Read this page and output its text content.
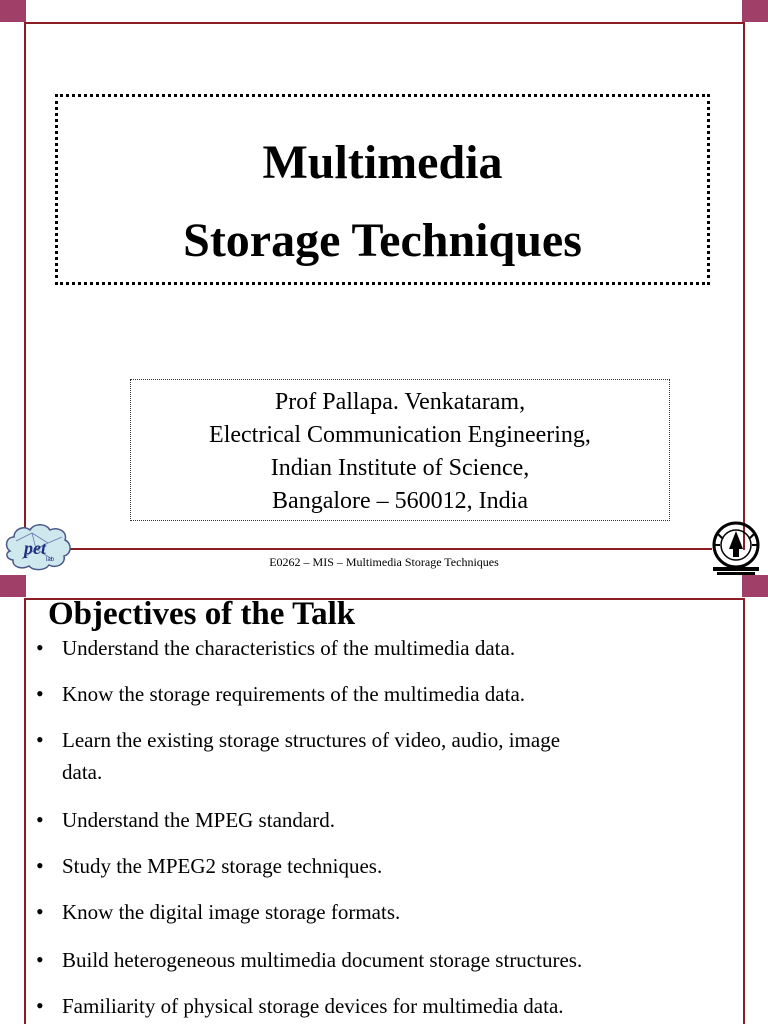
Multimedia
Storage Techniques
Prof Pallapa. Venkataram,
Electrical Communication Engineering,
Indian Institute of Science,
Bangalore – 560012, India
pet
lab	E0262 – MIS – Multimedia Storage Techniques
Objectives of the Talk
• Understand the characteristics of the multimedia data.
• Know the storage requirements of the multimedia data.
• Learn the existing storage structures of video, audio, image
data.
• Understand the MPEG standard.
• Study the MPEG2 storage techniques.
• Know the digital image storage formats.
• Build heterogeneous multimedia document storage structures.
• Familiarity of physical storage devices for multimedia data.
